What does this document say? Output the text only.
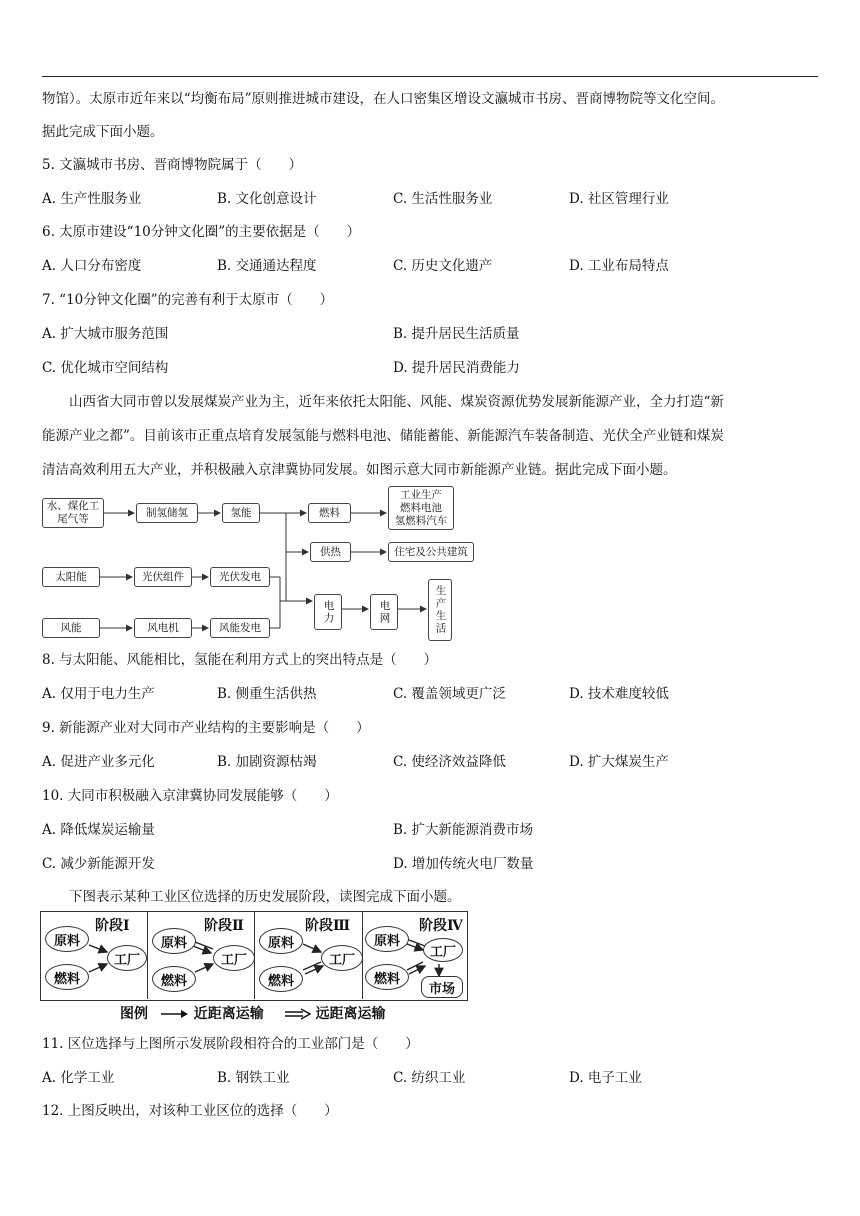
物馆）。太原市近年来以“均衡布局”原则推进城市建设，在人口密集区增设文瀛城市书房、晋商博物院等文化空间。
据此完成下面小题。
5. 文瀛城市书房、晋商博物院属于（　　）
A. 生产性服务业	B. 文化创意设计	C. 生活性服务业	D. 社区管理行业
6. 太原市建设“10分钟文化圈”的主要依据是（　　）
A. 人口分布密度	B. 交通通达程度	C. 历史文化遗产	D. 工业布局特点
7. “10分钟文化圈”的完善有利于太原市（　　）
A. 扩大城市服务范围	B. 提升居民生活质量
C. 优化城市空间结构	D. 提升居民消费能力
山西省大同市曾以发展煤炭产业为主，近年来依托太阳能、风能、煤炭资源优势发展新能源产业，全力打造“新
能源产业之都”。目前该市正重点培育发展氢能与燃料电池、储能蓄能、新能源汽车装备制造、光伏全产业链和煤炭
清洁高效利用五大产业，并积极融入京津冀协同发展。如图示意大同市新能源产业链。据此完成下面小题。
水、煤化工尾气等
制氢储氢	氢能	燃料
工业生产
燃料电池
氢燃料汽车
供热	住宅及公共建筑
太阳能	光伏组件	光伏发电
风能	风电机	风能发电
电力	电网	生产生活
8. 与太阳能、风能相比，氢能在利用方式上的突出特点是（　　）
A. 仅用于电力生产	B. 侧重生活供热	C. 覆盖领域更广泛	D. 技术难度较低
9. 新能源产业对大同市产业结构的主要影响是（　　）
A. 促进产业多元化	B. 加剧资源枯竭	C. 使经济效益降低	D. 扩大煤炭生产
10. 大同市积极融入京津冀协同发展能够（　　）
A. 降低煤炭运输量	B. 扩大新能源消费市场
C. 减少新能源开发	D. 增加传统火电厂数量
下图表示某种工业区位选择的历史发展阶段，读图完成下面小题。
阶段Ⅰ
原料
燃料
工厂
阶段Ⅱ
原料
燃料
工厂
阶段Ⅲ
原料
燃料
工厂
阶段Ⅳ
原料
燃料
工厂
市场
图例	近距离运输	远距离运输
11. 区位选择与上图所示发展阶段相符合的工业部门是（　　）
A. 化学工业	B. 钢铁工业	C. 纺织工业	D. 电子工业
12. 上图反映出，对该种工业区位的选择（　　）
